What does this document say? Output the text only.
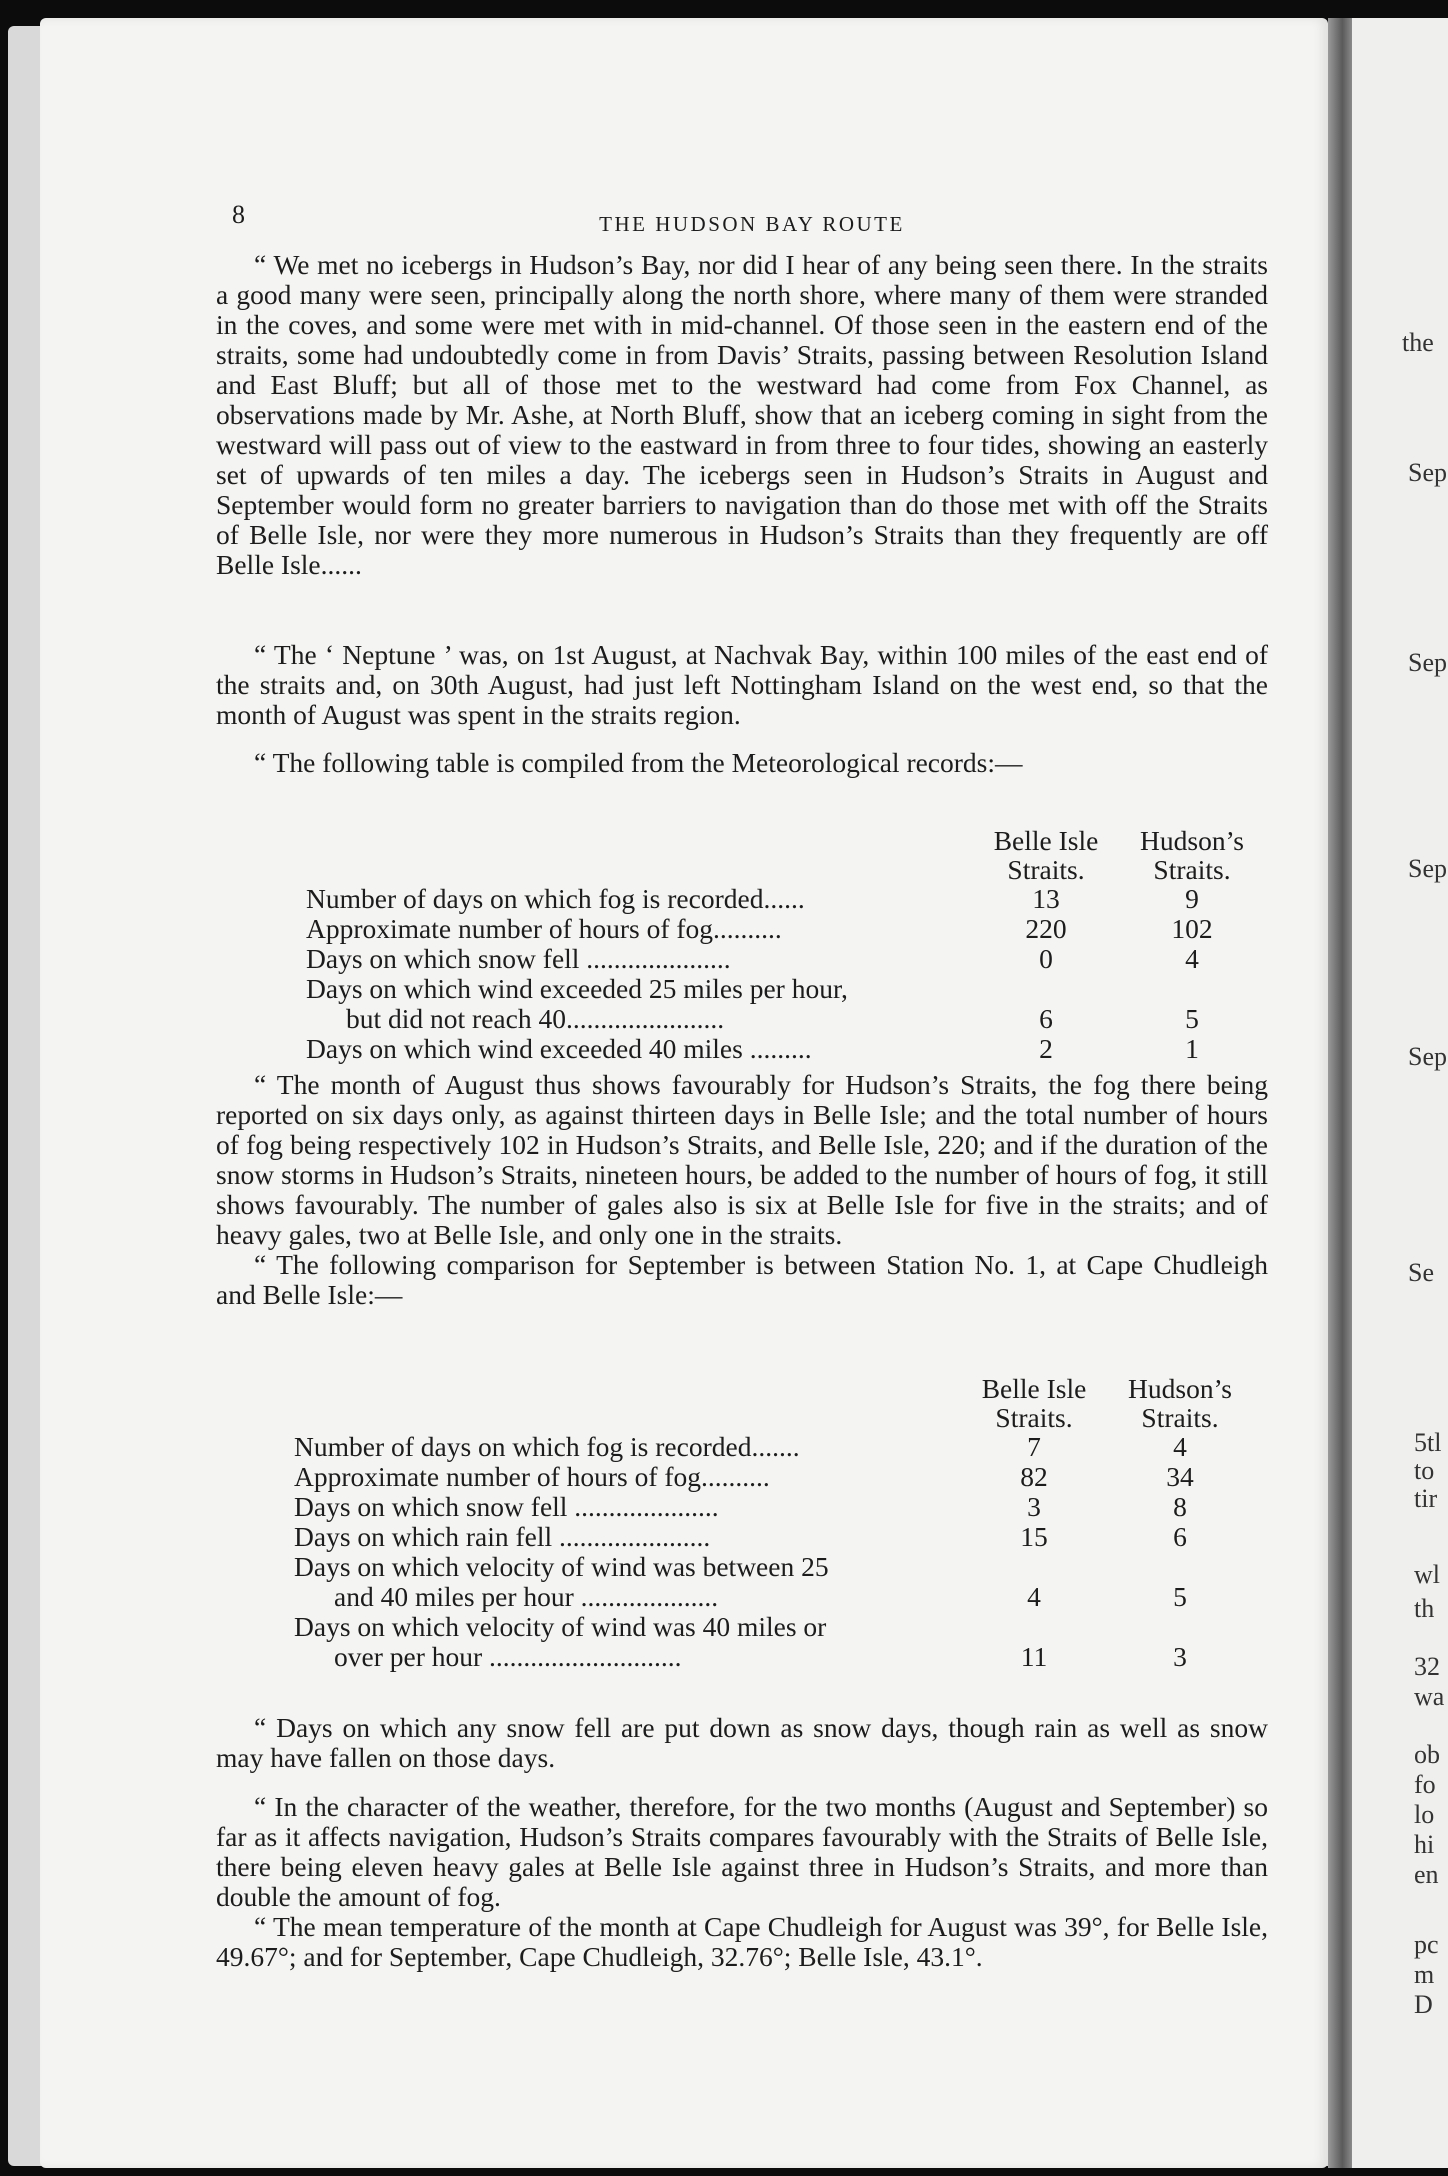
the
Sep
Sep
Sep
Sep
Se
5tl
to
tir
wl
th
32
wa
ob
fo
lo
hi
en
pc
m
D
8	THE HUDSON BAY ROUTE

“ We met no icebergs in Hudson’s Bay, nor did I hear of any being seen there. In the straits a good many were seen, principally along the north shore, where many of them were stranded in the coves, and some were met with in mid-channel. Of those seen in the eastern end of the straits, some had undoubtedly come in from Davis’ Straits, passing between Resolution Island and East Bluff; but all of those met to the westward had come from Fox Channel, as observations made by Mr. Ashe, at North Bluff, show that an iceberg coming in sight from the westward will pass out of view to the eastward in from three to four tides, showing an easterly set of upwards of ten miles a day. The icebergs seen in Hudson’s Straits in August and September would form no greater barriers to navigation than do those met with off the Straits of Belle Isle, nor were they more numerous in Hudson’s Straits than they frequently are off Belle Isle......

“ The ‘ Neptune ’ was, on 1st August, at Nachvak Bay, within 100 miles of the east end of the straits and, on 30th August, had just left Nottingham Island on the west end, so that the month of August was spent in the straits region.

“ The following table is compiled from the Meteorological records:—

	Belle Isle Straits.	Hudson’s Straits.
Number of days on which fog is recorded......	13	9
Approximate number of hours of fog..........	220	102
Days on which snow fell .....................	0	4
Days on which wind exceeded 25 miles per hour,		
but did not reach 40.......................	6	5
Days on which wind exceeded 40 miles .........	2	1

“ The month of August thus shows favourably for Hudson’s Straits, the fog there being reported on six days only, as against thirteen days in Belle Isle; and the total number of hours of fog being respectively 102 in Hudson’s Straits, and Belle Isle, 220; and if the duration of the snow storms in Hudson’s Straits, nineteen hours, be added to the number of hours of fog, it still shows favourably. The number of gales also is six at Belle Isle for five in the straits; and of heavy gales, two at Belle Isle, and only one in the straits.

“ The following comparison for September is between Station No. 1, at Cape Chudleigh and Belle Isle:—

	Belle Isle Straits.	Hudson’s Straits.
Number of days on which fog is recorded.......	7	4
Approximate number of hours of fog..........	82	34
Days on which snow fell .....................	3	8
Days on which rain fell ......................	15	6
Days on which velocity of wind was between 25		
and 40 miles per hour ....................	4	5
Days on which velocity of wind was 40 miles or		
over per hour ............................	11	3

“ Days on which any snow fell are put down as snow days, though rain as well as snow may have fallen on those days.

“ In the character of the weather, therefore, for the two months (August and September) so far as it affects navigation, Hudson’s Straits compares favourably with the Straits of Belle Isle, there being eleven heavy gales at Belle Isle against three in Hudson’s Straits, and more than double the amount of fog.

“ The mean temperature of the month at Cape Chudleigh for August was 39°, for Belle Isle, 49.67°; and for September, Cape Chudleigh, 32.76°; Belle Isle, 43.1°.
